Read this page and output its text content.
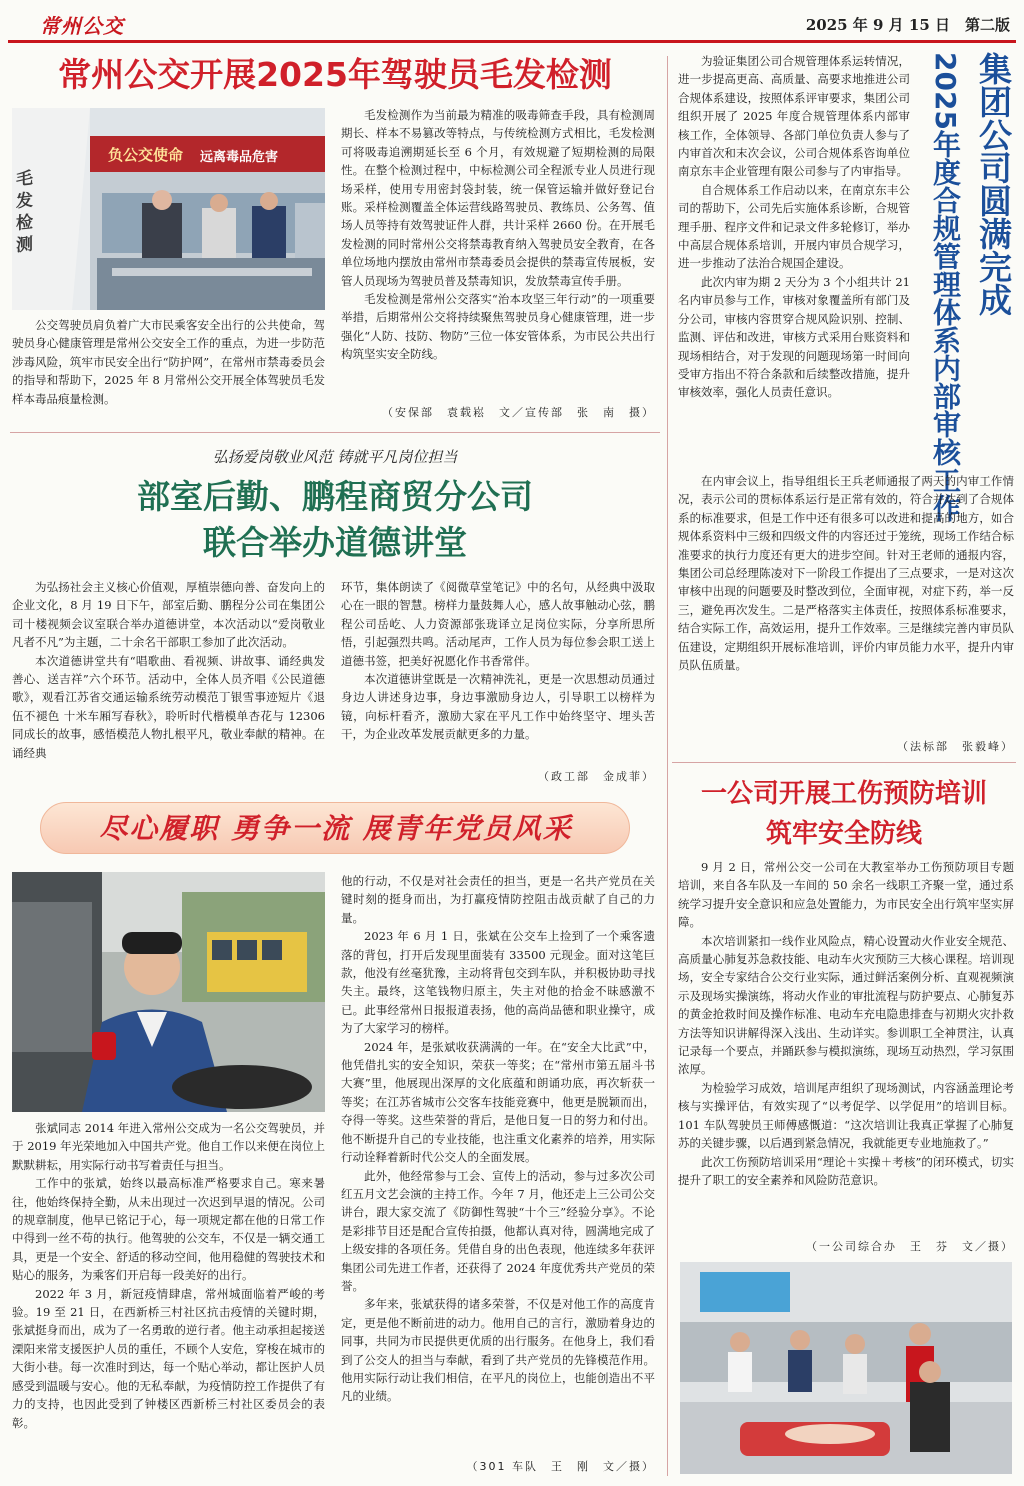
常州公交	2025 年 9 月 15 日　第二版
常州公交开展2025年驾驶员毛发检测
负公交使命 远离毒品危害
毛发检测

公交驾驶员肩负着广大市民乘客安全出行的公共使命，驾驶员身心健康管理是常州公交安全工作的重点，为进一步防范涉毒风险，筑牢市民安全出行“防护网”，在常州市禁毒委员会的指导和帮助下，2025 年 8 月常州公交开展全体驾驶员毛发样本毒品痕量检测。

毛发检测作为当前最为精准的吸毒筛查手段，具有检测周期长、样本不易篡改等特点，与传统检测方式相比，毛发检测可将吸毒追溯期延长至 6 个月，有效规避了短期检测的局限性。在整个检测过程中，中标检测公司全程派专业人员进行现场采样，使用专用密封袋封装，统一保管运输并做好登记台账。采样检测覆盖全体运营线路驾驶员、教练员、公务驾、值场人员等持有效驾驶证件人群，共计采样 2660 份。在开展毛发检测的同时常州公交将禁毒教育纳入驾驶员安全教育，在各单位场地内摆放由常州市禁毒委员会提供的禁毒宣传展板，安管人员现场为驾驶员普及禁毒知识，发放禁毒宣传手册。

毛发检测是常州公交落实“治本攻坚三年行动”的一项重要举措，后期常州公交将持续聚焦驾驶员身心健康管理，进一步强化“人防、技防、物防”三位一体安管体系，为市民公共出行构筑坚实安全防线。

（安保部　袁载崧　文／宣传部　张　南　摄）
弘扬爱岗敬业风范 铸就平凡岗位担当
部室后勤、鹏程商贸分公司
联合举办道德讲堂

为弘扬社会主义核心价值观，厚植崇德向善、奋发向上的企业文化，8 月 19 日下午，部室后勤、鹏程分公司在集团公司十楼视频会议室联合举办道德讲堂，本次活动以“爱岗敬业 凡者不凡”为主题，二十余名干部职工参加了此次活动。

本次道德讲堂共有“唱歌曲、看视频、讲故事、诵经典发善心、送吉祥”六个环节。活动中，全体人员齐唱《公民道德歌》，观看江苏省交通运输系统劳动模范丁银雪事迹短片《退伍不褪色 十米车厢写春秋》，聆听时代楷模单杏花与 12306 同成长的故事，感悟模范人物扎根平凡，敬业奉献的精神。在诵经典

环节，集体朗读了《阅微草堂笔记》中的名句，从经典中汲取心在一眼的智慧。榜样力量鼓舞人心，感人故事触动心弦，鹏程公司岳屹、人力资源部张珑译立足岗位实际，分享所思所悟，引起强烈共鸣。活动尾声，工作人员为每位参会职工送上道德书签，把美好祝愿化作书香常伴。

本次道德讲堂既是一次精神洗礼，更是一次思想动员通过身边人讲述身边事，身边事激励身边人，引导职工以榜样为镜，向标杆看齐，激励大家在平凡工作中始终坚守、埋头苦干，为企业改革发展贡献更多的力量。

（政工部　金成菲）
尽心履职 勇争一流 展青年党员风采

张斌同志 2014 年进入常州公交成为一名公交驾驶员，并于 2019 年光荣地加入中国共产党。他自工作以来便在岗位上默默耕耘，用实际行动书写着责任与担当。

工作中的张斌，始终以最高标准严格要求自己。寒来暑往，他始终保持全勤，从未出现过一次迟到早退的情况。公司的规章制度，他早已铭记于心，每一项规定都在他的日常工作中得到一丝不苟的执行。他驾驶的公交车，不仅是一辆交通工具，更是一个安全、舒适的移动空间，他用稳健的驾驶技术和贴心的服务，为乘客们开启每一段美好的出行。

2022 年 3 月，新冠疫情肆虐，常州城面临着严峻的考验。19 至 21 日，在西新桥三村社区抗击疫情的关键时期，张斌挺身而出，成为了一名勇敢的逆行者。他主动承担起接送溧阳来常支援医护人员的重任，不顾个人安危，穿梭在城市的大街小巷。每一次准时到达，每一个贴心举动，都让医护人员感受到温暖与安心。他的无私奉献，为疫情防控工作提供了有力的支持，也因此受到了钟楼区西新桥三村社区委员会的表彰。

他的行动，不仅是对社会责任的担当，更是一名共产党员在关键时刻的挺身而出，为打赢疫情防控阻击战贡献了自己的力量。

2023 年 6 月 1 日，张斌在公交车上捡到了一个乘客遗落的背包，打开后发现里面装有 33500 元现金。面对这笔巨款，他没有丝毫犹豫，主动将背包交到车队，并积极协助寻找失主。最终，这笔钱物归原主，失主对他的拾金不昧感激不已。此事经常州日报报道表扬，他的高尚品德和职业操守，成为了大家学习的榜样。

2024 年，是张斌收获满满的一年。在“安全大比武”中，他凭借扎实的安全知识，荣获一等奖；在“常州市第五届斗书大赛”里，他展现出深厚的文化底蕴和朗诵功底，再次斩获一等奖；在江苏省城市公交客车技能竞赛中，他更是脱颖而出，夺得一等奖。这些荣誉的背后，是他日复一日的努力和付出。他不断提升自己的专业技能，也注重文化素养的培养，用实际行动诠释着新时代公交人的全面发展。

此外，他经常参与工会、宣传上的活动，参与过多次公司红五月文艺会演的主持工作。今年 7 月，他还走上三公司公交讲台，跟大家交流了《防御性驾驶“十个三”经验分享》。不论是彩排节目还是配合宣传拍摄，他都认真对待，圆满地完成了上级安排的各项任务。凭借自身的出色表现，他连续多年获评集团公司先进工作者，还获得了 2024 年度优秀共产党员的荣誉。

多年来，张斌获得的诸多荣誉，不仅是对他工作的高度肯定，更是他不断前进的动力。他用自己的言行，激励着身边的同事，共同为市民提供更优质的出行服务。在他身上，我们看到了公交人的担当与奉献，看到了共产党员的先锋模范作用。他用实际行动让我们相信，在平凡的岗位上，也能创造出不平凡的业绩。

（301 车队　王　刚　文／摄）
集团公司圆满完成
2025年度合规管理体系内部审核工作

为验证集团公司合规管理体系运转情况，进一步提高更高、高质量、高要求地推进公司合规体系建设，按照体系评审要求，集团公司组织开展了 2025 年度合规管理体系内部审核工作，全体领导、各部门单位负责人参与了内审首次和末次会议，公司合规体系咨询单位南京东丰企业管理有限公司参与了内审指导。

自合规体系工作启动以来，在南京东丰公司的帮助下，公司先后实施体系诊断，合规管理手册、程序文件和记录文件多轮修订，举办中高层合规体系培训，开展内审员合规学习，进一步推动了法治合规国企建设。

此次内审为期 2 天分为 3 个小组共计 21 名内审员参与工作，审核对象覆盖所有部门及分公司，审核内容贯穿合规风险识别、控制、监测、评估和改进，审核方式采用台账资料和现场相结合，对于发现的问题现场第一时间向受审方指出不符合条款和后续整改措施，提升审核效率，强化人员责任意识。

在内审会议上，指导组组长王兵老师通报了两天的内审工作情况，表示公司的贯标体系运行是正常有效的，符合并达到了合规体系的标准要求，但是工作中还有很多可以改进和提高的地方，如合规体系资料中三级和四级文件的内容还过于笼统，现场工作结合标准要求的执行力度还有更大的进步空间。针对王老师的通报内容，集团公司总经理陈凌对下一阶段工作提出了三点要求，一是对这次审核中出现的问题要及时整改到位，全面审视，对症下药，举一反三，避免再次发生。二是严格落实主体责任，按照体系标准要求，结合实际工作，高效运用，提升工作效率。三是继续完善内审员队伍建设，定期组织开展标准培训，评价内审员能力水平，提升内审员队伍质量。

（法标部　张毅峰）
一公司开展工伤预防培训
筑牢安全防线

9 月 2 日，常州公交一公司在大教室举办工伤预防项目专题培训，来自各车队及一车间的 50 余名一线职工齐聚一堂，通过系统学习提升安全意识和应急处置能力，为市民安全出行筑牢坚实屏障。

本次培训紧扣一线作业风险点，精心设置动火作业安全规范、高质量心肺复苏急救技能、电动车火灾预防三大核心课程。培训现场，安全专家结合公交行业实际，通过鲜活案例分析、直观视频演示及现场实操演练，将动火作业的审批流程与防护要点、心肺复苏的黄金抢救时间及操作标准、电动车充电隐患排查与初期火灾扑救方法等知识讲解得深入浅出、生动详实。参训职工全神贯注，认真记录每一个要点，并踊跃参与模拟演练，现场互动热烈，学习氛围浓厚。

为检验学习成效，培训尾声组织了现场测试，内容涵盖理论考核与实操评估，有效实现了“以考促学、以学促用”的培训目标。101 车队驾驶员王师傅感慨道：“这次培训让我真正掌握了心肺复苏的关键步骤，以后遇到紧急情况，我就能更专业地施救了。”

此次工伤预防培训采用“理论＋实操＋考核”的闭环模式，切实提升了职工的安全素养和风险防范意识。

（一公司综合办　王　芬　文／摄）
